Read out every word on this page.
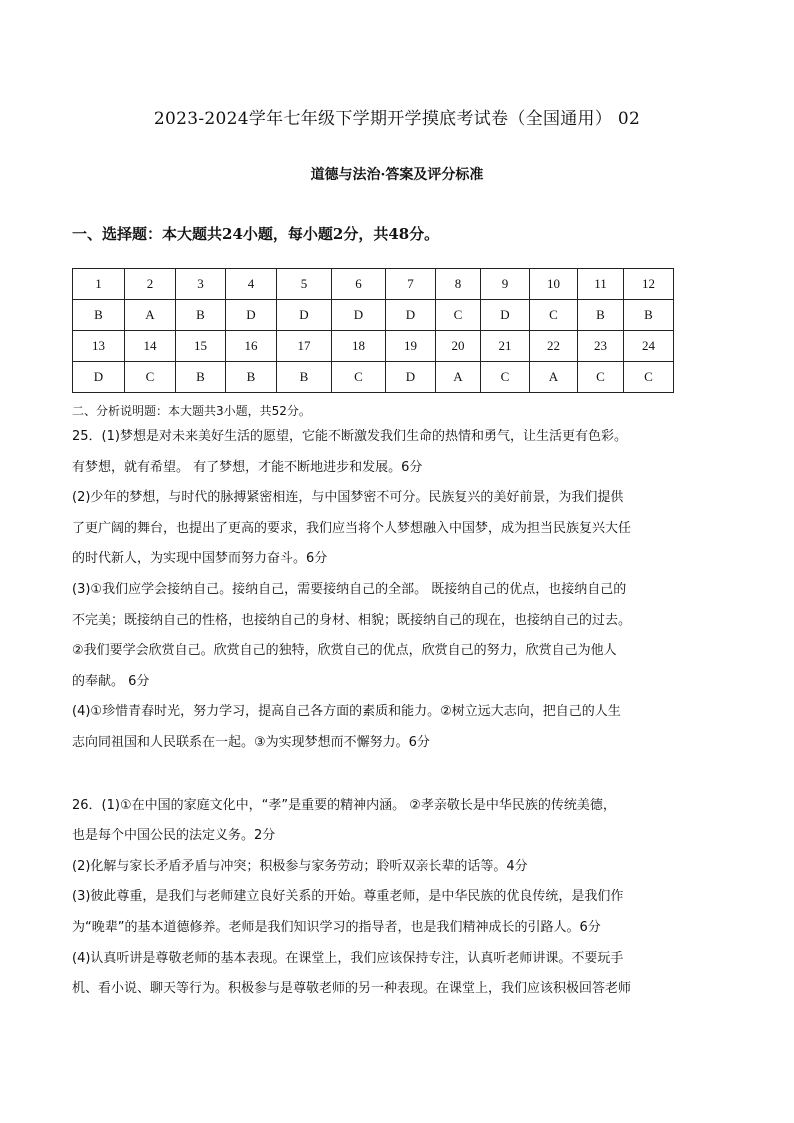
2023-2024学年七年级下学期开学摸底考试卷（全国通用） 02
道德与法治·答案及评分标准
一、选择题：本大题共24小题，每小题2分，共48分。
1	2	3	4	5	6	7	8	9	10	11	12
B	A	B	D	D	D	D	C	D	C	B	B
13	14	15	16	17	18	19	20	21	22	23	24
D	C	B	B	B	C	D	A	C	A	C	C

二、分析说明题：本大题共3小题，共52分。

25．(1)梦想是对未来美好生活的愿望，它能不断激发我们生命的热情和勇气，让生活更有色彩。

有梦想，就有希望。 有了梦想，才能不断地进步和发展。6分

(2)少年的梦想，与时代的脉搏紧密相连，与中国梦密不可分。民族复兴的美好前景，为我们提供

了更广阔的舞台，也提出了更高的要求，我们应当将个人梦想融入中国梦，成为担当民族复兴大任

的时代新人，为实现中国梦而努力奋斗。6分

(3)①我们应学会接纳自己。接纳自己，需要接纳自己的全部。 既接纳自己的优点，也接纳自己的

不完美；既接纳自己的性格，也接纳自己的身材、相貌；既接纳自己的现在，也接纳自己的过去。

②我们要学会欣赏自己。欣赏自己的独特，欣赏自己的优点，欣赏自己的努力，欣赏自己为他人

的奉献。 6分

(4)①珍惜青春时光，努力学习，提高自己各方面的素质和能力。②树立远大志向，把自己的人生

志向同祖国和人民联系在一起。③为实现梦想而不懈努力。6分

26．(1)①在中国的家庭文化中，“孝”是重要的精神内涵。 ②孝亲敬长是中华民族的传统美德，

也是每个中国公民的法定义务。2分

(2)化解与家长矛盾矛盾与冲突；积极参与家务劳动；聆听双亲长辈的话等。4分

(3)彼此尊重，是我们与老师建立良好关系的开始。尊重老师，是中华民族的优良传统，是我们作

为“晚辈”的基本道德修养。老师是我们知识学习的指导者，也是我们精神成长的引路人。6分

(4)认真听讲是尊敬老师的基本表现。在课堂上，我们应该保持专注，认真听老师讲课。不要玩手

机、看小说、聊天等行为。积极参与是尊敬老师的另一种表现。在课堂上，我们应该积极回答老师
